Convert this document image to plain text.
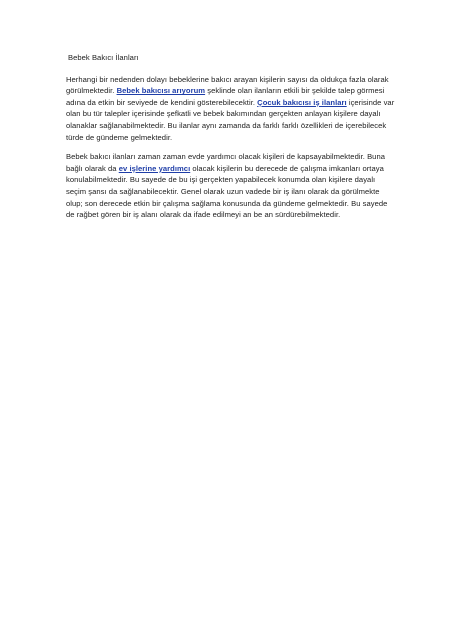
Bebek Bakıcı İlanları

Herhangi bir nedenden dolayı bebeklerine bakıcı arayan kişilerin sayısı da oldukça fazla olarak görülmektedir. Bebek bakıcısı arıyorum şeklinde olan ilanların etkili bir şekilde talep görmesi adına da etkin bir seviyede de kendini gösterebilecektir. Çocuk bakıcısı iş ilanları içerisinde var olan bu tür talepler içerisinde şefkatli ve bebek bakımından gerçekten anlayan kişilere dayalı olanaklar sağlanabilmektedir. Bu ilanlar aynı zamanda da farklı farklı özellikleri de içerebilecek türde de gündeme gelmektedir.

Bebek bakıcı ilanları zaman zaman evde yardımcı olacak kişileri de kapsayabilmektedir. Buna bağlı olarak da ev işlerine yardımcı olacak kişilerin bu derecede de çalışma imkanları ortaya konulabilmektedir. Bu sayede de bu işi gerçekten yapabilecek konumda olan kişilere dayalı seçim şansı da sağlanabilecektir. Genel olarak uzun vadede bir iş ilanı olarak da görülmekte olup; son derecede etkin bir çalışma sağlama konusunda da gündeme gelmektedir. Bu sayede de rağbet gören bir iş alanı olarak da ifade edilmeyi an be an sürdürebilmektedir.
